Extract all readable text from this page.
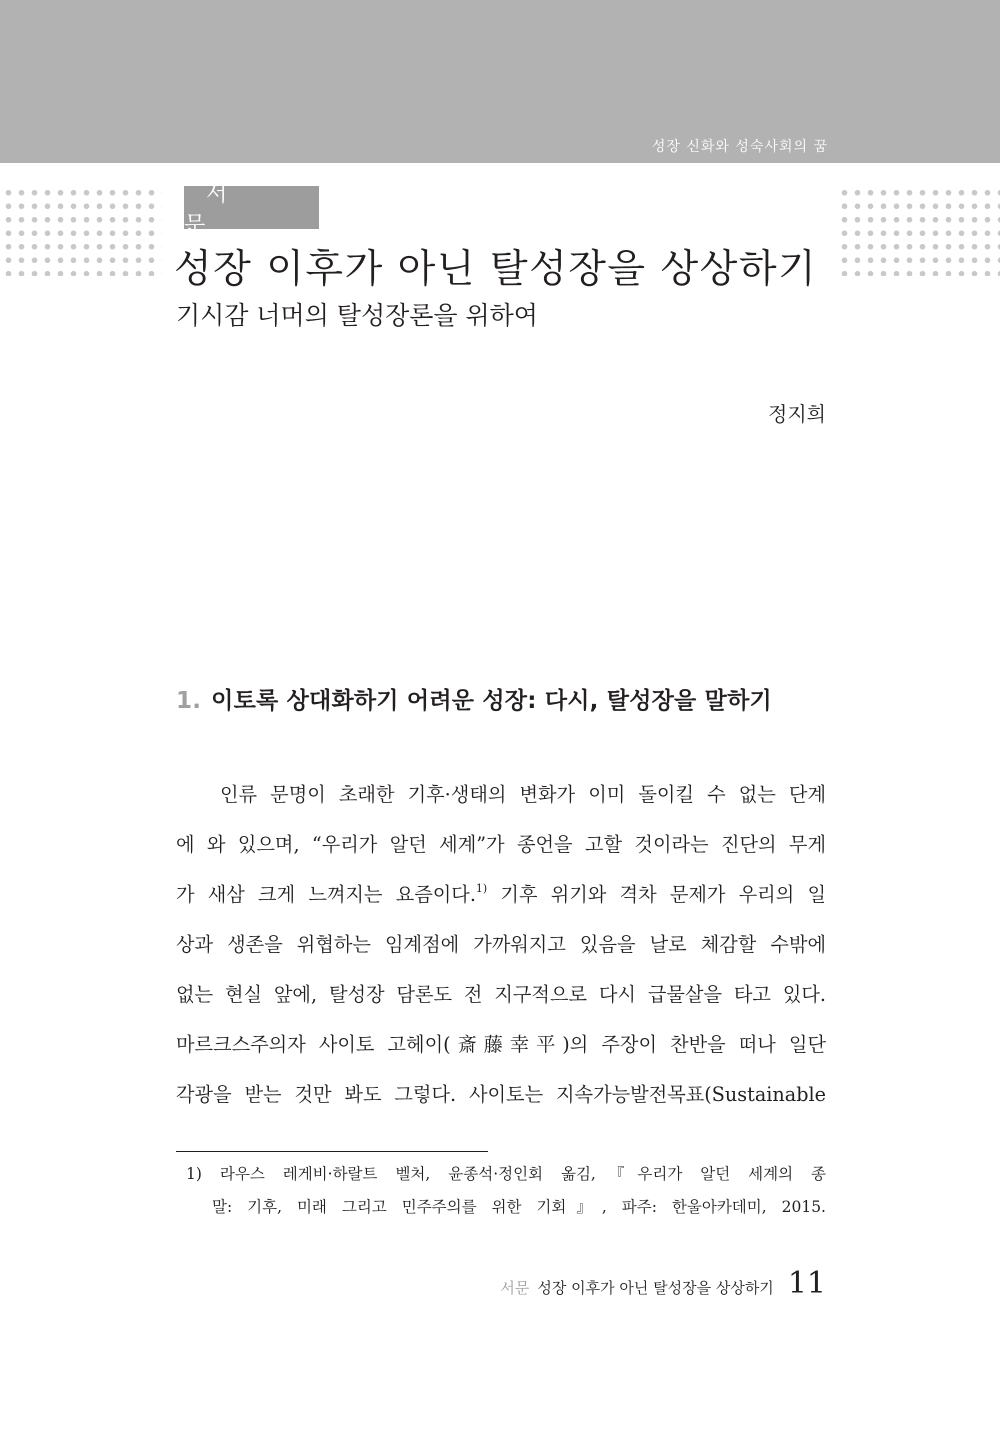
성장 신화와 성숙사회의 꿈
서 문
성장 이후가 아닌 탈성장을 상상하기
기시감 너머의 탈성장론을 위하여
정지희
1. 이토록 상대화하기 어려운 성장: 다시, 탈성장을 말하기
인류 문명이 초래한 기후·생태의 변화가 이미 돌이킬 수 없는 단계
에 와 있으며, “우리가 알던 세계”가 종언을 고할 것이라는 진단의 무게
가 새삼 크게 느껴지는 요즘이다.$^{1)}$ 기후 위기와 격차 문제가 우리의 일
상과 생존을 위협하는 임계점에 가까워지고 있음을 날로 체감할 수밖에
없는 현실 앞에, 탈성장 담론도 전 지구적으로 다시 급물살을 타고 있다.
마르크스주의자 사이토 고헤이(斎藤幸平)의 주장이 찬반을 떠나 일단
각광을 받는 것만 봐도 그렇다. 사이토는 지속가능발전목표(Sustainable
1) 라우스 레게비·하랄트 벨처, 윤종석·정인회 옮김,『우리가 알던 세계의 종
말: 기후, 미래 그리고 민주주의를 위한 기회』, 파주: 한울아카데미, 2015.
서문 성장 이후가 아닌 탈성장을 상상하기 11
